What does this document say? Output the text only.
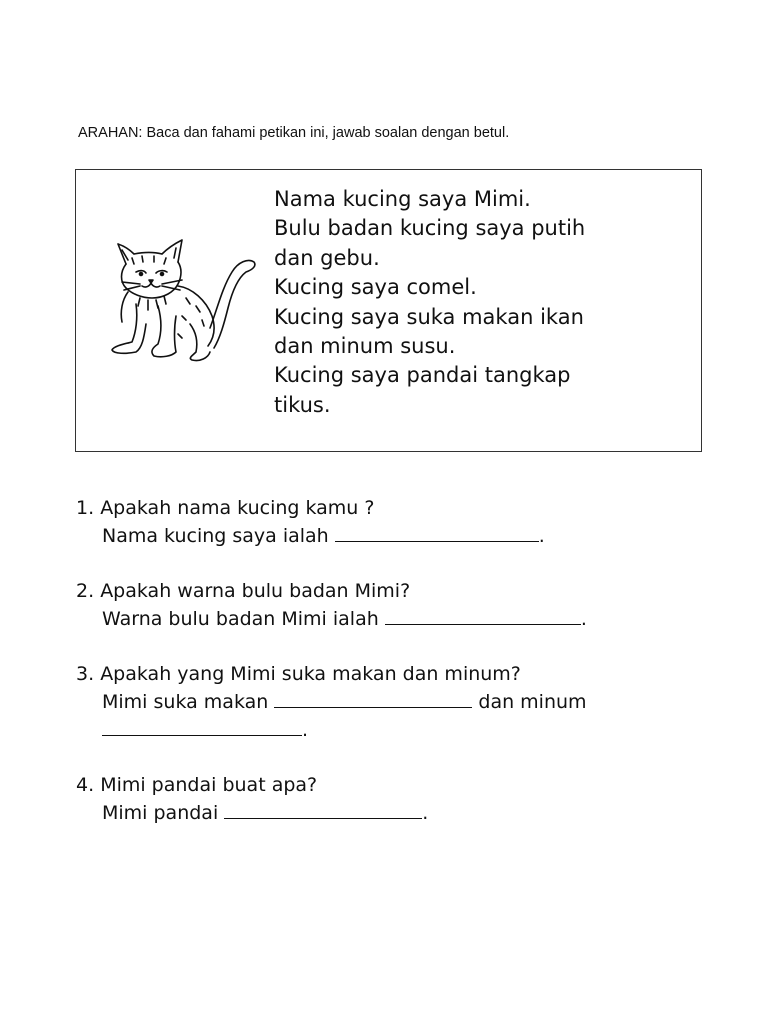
ARAHAN: Baca dan fahami petikan ini, jawab soalan dengan betul.
Nama kucing saya Mimi.
Bulu badan kucing saya putih
dan gebu.
Kucing saya comel.
Kucing saya suka makan ikan
dan minum susu.
Kucing saya pandai tangkap
tikus.
1. Apakah nama kucing kamu ?
Nama kucing saya ialah	.
2. Apakah warna bulu badan Mimi?
Warna bulu badan Mimi ialah	.
3. Apakah yang Mimi suka makan dan minum?
Mimi suka makan	dan minum
.
4. Mimi pandai buat apa?
Mimi pandai	.
